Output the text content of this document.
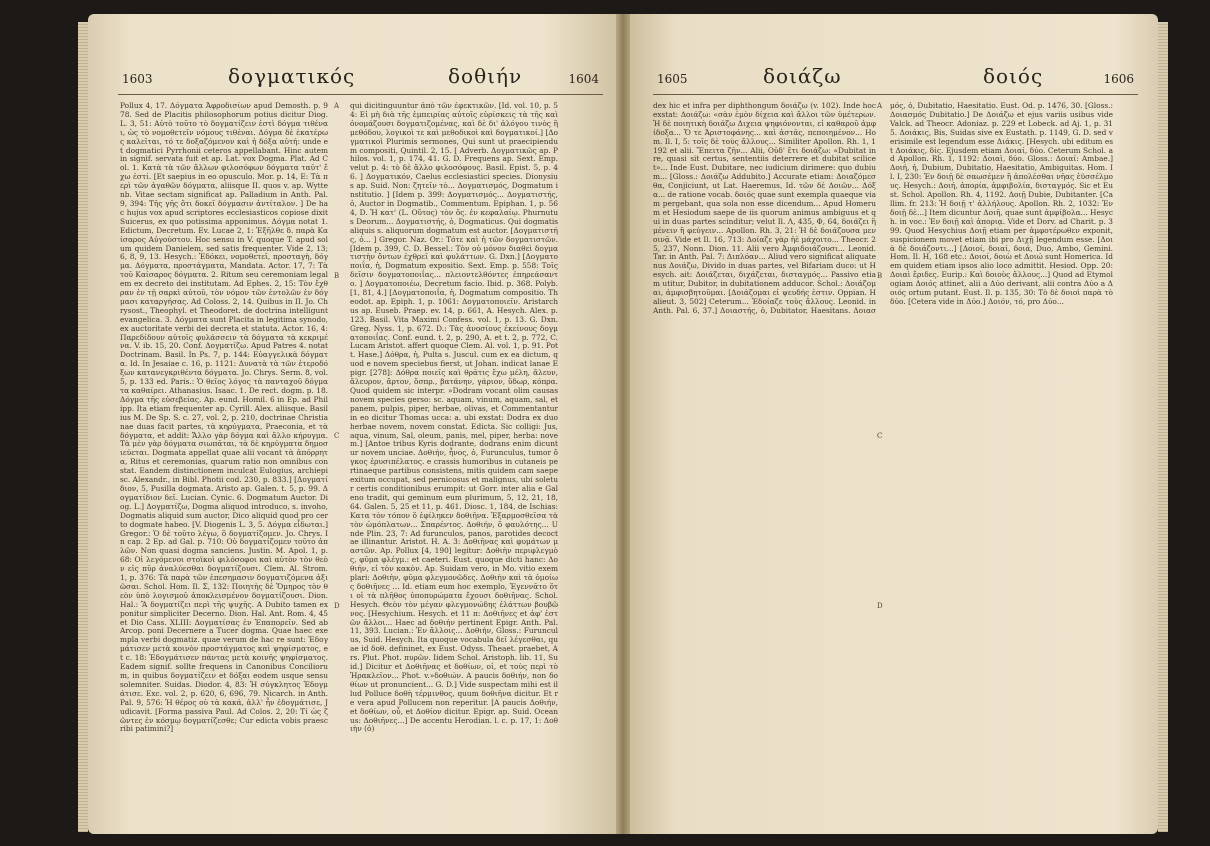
1603	δογματικός	δοθιήν	1604
Pollux 4, 17. Δόγματα Ἀφροδισίων apud Demosth. p. 978. Sed de Placitis philosophorum potius dicitur Diog. L. 3, 51: Αὐτὸ τοῦτο τὸ δογματίζειν ἐστὶ δόγμα τιθέναι, ὡς τὸ νομοθετεῖν νόμους τιθέναι. Δόγμα δὲ ἑκατέρως καλεῖται, τό τε δοξαζόμενον καὶ ἡ δόξα αὐτή: unde et dogmatici Pyrrhonii ceteros appellabant. Hinc autem in signif. servata fuit et ap. Lat. vox Dogma. Plat. Ad Col. 1. Κατὰ τὰ τῶν ἄλλων φιλοσόφων δόγματα ταῦτ' ἔχω ἐστί. [Et saepius in eo opusculo. Mor. p. 14, E: Τὰ περὶ τῶν ἀγαθῶν δόγματα, aliisque II. quos v. ap. Wyttenb. Vitae sectam significat ap. Palladium in Anth. Pal. 9, 394: Τῆς γῆς ὅτι δοκεῖ δόγμασιν ἀντίταλον. ] De hac hujus vox apud scriptores ecclesiasticos copiose dixit Suicerus, ex quo potissima apponimus. Δόγμα notat 1. Edictum, Decretum. Ev. Lucae 2, 1: Ἐξῆλθε δ. παρὰ Καίσαρος Αὐγούστου. Hoc sensu in V. quoque T. apud solum quidem Danielem, sed satis frequenter. Vide 2, 13; 6, 8, 9, 13. Hesych.: Ἐδόκει, νομοθετεῖ, προσταγὴ, δόγμα. Δόγματα, προστάγματα, Mandata. Actor. 17, 7: Τὰ τοῦ Καίσαρος δόγματα. 2. Ritum seu ceremoniam legalem ex decreto dei institutam. Ad Ephes. 2, 15: Τὸν ἔχθραν ἐν τῇ σαρκὶ αὐτοῦ, τὸν νόμον τῶν ἐντολῶν ἐν δόγμασι καταργήσας. Ad Coloss. 2, 14. Quibus in II. Jo. Chrysost., Theophyl. et Theodoret. de doctrina intelligunt evangelica. 3. Δόγματα sunt Placita in legitima synodo, ex auctoritate verbi dei decreta et statuta. Actor. 16, 4: Παρεδίδουν αὐτοῖς φυλάσσειν τὰ δόγματα τὰ κεκριμένα. V. ib. 15, 20. Conf. Δογματίζω. Apud Patres 4. notat Doctrinam. Basil. In Ps. 7, p. 144: Εὐαγγελικὰ δόγματα. Id. In Jesaiae c. 16, p. 1121: Δυνατὰ τὰ τῶν ἑτεροδόξων κατανεγκριθέντα δόγματα. Jo. Chrys. Serm. 8, vol. 5, p. 133 ed. Paris.: Ὁ θεῖος λόγος τὰ πανταχοῦ δόγματα καθαίρει. Athanasius. Isaac. 1. De rect. dogm. p. 18. Δόγμα τῆς εὐσεβείας. Ap. eund. Homil. 6 in Ep. ad Philipp. Ita etiam frequenter ap. Cyrill. Alex. aliisque. Basilius M. De Sp. S. c. 27, vol. 2, p. 210, doctrinae Christianae duas facit partes, τὰ κηρύγματα, Praeconia, et τὰ δόγματα, et addit: Ἄλλο γὰρ δόγμα καὶ ἄλλο κήρυγμα. Τὰ μὲν γὰρ δόγματα σιωπᾶται, τὰ δὲ κηρύγματα δημοσιεύεται. Dogmata appellat quae alii vocant τὰ ἀπόρρητα, Ritus et ceremonias, quarum ratio non omnibus constat. Eandem distinctionem inculcat Eulogius, archiepisc. Alexandr., in Bibl. Photii cod. 230, p. 833.] [Δογματίδιον, 5, Pusilla dogmata. Aristo ap. Galen. t. 5, p. 99. Δογματίδιον δεῖ. Lucian. Cynic. 6. Dogmatum Auctor. Diog. L.] Δογματίζω, Dogma aliquod introduco, s. invoho, Dogmatis aliquid sum auctor, Dico aliquid quod pro certo dogmate habeo. [V. Diogenis L. 3, 5. Δόγμα εἶδωται.] Gregor.: Ὁ δὲ τοῦτο λέγω, ὃ δογματίζομεν. Jo. Chrys. In cap. 2 Ep. ad Gal. p. 710: Οὐ δογματίζομεν τοῦτο ἀπλῶν. Non quasi dogma sanciens. Justin. M. Apol. 1, p. 68: Οἱ λεγόμενοι στοϊκοὶ φιλόσοφοι καὶ αὐτὸν τὸν θεὸν εἰς πῦρ ἀναλύεσθαι δογματίζουσι. Clem. Al. Strom. 1, p. 376: Τὰ παρὰ τῶν ἐπεσημασιν δογματιζόμενα ἀξιῶσαι. Schol. Hom. Il. Σ, 132: Ποιητὴς δὲ Ὅμηρος τὸν θεὸν ὑπὸ λογισμοῦ ἀποκλεισμένον δογματίζουσι. Dion. Hal.: Ἃ δογματίζει περὶ τῆς ψυχῆς. A Dubito tamen exponitur simpliciter Decerno. Dion. Hal. Ant. Rom. 4, 45 et Dio Cass. XLIII: Δογματίσας ἐν Ἐπαπορεῖν. Sed ab Arcop. poni Decernere a Tucer dogma. Quae haec exempla verbi dogmatiz. quae verum de hac re sunt: Ἐδογμάτισεν μετὰ κοινὸν προστάγματος καὶ ψηφίσματος, et c. 18: Ἐδογμάτισεν πάντας μετὰ κοινῆς ψηφίσματος. Eadem signif. sollte frequens in Canonibus Conciliorum, in quibus δογματίζειν et δόξαι eodem usque sensu solemniter. Suidas. Diodor. 4, 83: Ἡ σύγκλητος Ἐδογμάτισε. Exc. vol. 2, p. 620, 6, 696, 79. Nicarch. in Anth. Pal. 9, 576: Ἡ θέρος οὐ τὰ κακά, ἀλλ' ἦν ἐδογμάτισε, Judicavit. [Forma passiva Paul. Ad Colos. 2, 20: Τί ὡς ζῶντες ἐν κόσμῳ δογματίζεσθε; Cur edicta vobis praescribi patimini?]
A
B
C
D
qui dicitinguuntur ἀπὸ τῶν ἐφεκτικῶν. [Id. vol. 10, p. 54: Εἰ μὴ διὰ τῆς ἐμπειρίας αὐτοῖς εὑρίσκεις τὰ τῆς καὶ ὀνομάζουσι δογματιζομένας, καὶ δὲ δι' ἀλόγου τινὸς ἢ μεθόδου, λογικοὶ τε καὶ μεθοδικοὶ καὶ δογματικοί.] [Δογματικοὶ Plurimis sermones, Qui sunt ut praecipiendum compositi, Quintil. 2, 15. [ Adverb. Δογματικῶς ap. Philos. vol. 1, p. 174, 41. G. D. Frequens ap. Sext. Emp. velut p. 4: τὸ δὲ ἄλλο φιλοσόφους. Basil. Epist. 5, p. 46. ] Δογματικόν, Caelus ecclesiastici species. Dionysius ap. Suid. Non: ζητεῖν τὸ... Δογματισμός, Dogmatum institutio. ] [Idem p. 399: Δογματισμός... Δογματιστής, ὁ, Auctor in Dogmatib., Commentum. Epiphan. 1, p. 564, D. Ἡ κατ' (L. Οὔτος) τὸν ὅς. ἐν κεφαλαίῳ. Phurnutus Deorum... Δογματιστής, ὁ, Dogmaticus. Qui dogmatis aliquis s. aliquorum dogmatum est auctor. [Δογματιστής, ὁ... ] Gregor. Naz. Or.: Τότε καὶ ἡ τῶν δογματιστῶν. [Idem p. 399, C. D. Bessel.: Τὸν οὐ μόνον διαθεὶ δογματιστὴν ὄντων ἐχθρεῖ καὶ φυλάττων. G. Dxn.] [Δογματοποιΐα, ἡ, Dogmatum expositio. Sext. Emp. p. 558: Τοῖς δεῖσιν δογματοποιΐας... πλειοντελθόντες ἐπηρεάσαντο. ] Δογματοποιέω, Decretum facio. Ibid. p. 368. Polyb. [1, 81, 4.] [Δογματοποιΐα, ἡ, Dogmatum compositio. Theodot. ap. Epiph. 1, p. 1061: Δογματοποιεῖν. Aristarchus ap. Euseb. Praep. ev. 14, p. 661, A. Hesych. Alex. p. 123. Basil. Vita Maximi Confess. vol. 1, p. 13. G. Dxn. Greg. Nyss. 1, p. 672. D.: Τὰς ἀνοσίους ἐκείνους δογματοποιΐας. Conf. eund. t. 2, p. 290, A. et t. 2, p. 772, C. Lucam Aristot. affert quoque Clem. Al. vol. 1, p. 91. Pott. Hase.] Δόθρα, ἡ, Pulta s. Juscul. cum ex ea dictum, quod e novem speciebus fierst, ut Johan. indicat lanae Epigr. [278]: Δόθρα ποιεῖς καὶ θρᾶτις ἔχω μέλη, ἄλευν, ἄλευρον, ἄρτον, ὄσπρ., βατάνην, γάριον, ὕδωρ, κόπρα. Quod quidem sic interpr. »Dodram vocant olim causas novem species gerso: sc. aquam, vinum, aquam, sal, et panem, pulpis, piper, herbae, olivas, et Commentantur in eo dicitur Thomas ucca: a. ubi exstat: Dodra ex duo herbae novem, novem constat. Edicta. Sic colligi: Jus, aqua, vinum, Sal, oleum, panis, mel, piper, herba: novem.] [Antoe tribus Kyris dodrante, dodrans enim dicuntur novem unciae. Δοθιήν, ἦνος, ὁ, Furunculus, tumor ὄγκος ἐρυσιπέλατος. e crassis humoribus in cutaneis pertinaeque partibus consistens, mitis quidem cam saepe exitum occupat, sed pernicosus et malignus, ubi soletur certis conditionibus erumpit: ut Gorr. inter alia e Galeno tradit, qui geminum eum plurimum, 5, 12, 21, 18, 64. Galen. 5, 25 et 11, p. 461. Diosc. 1, 184, de Ischias: Κατα τὸν τόπον ὅ ἐφίληκεν δοθιῆνα. Ἐξαρμοσθεῖσα τὰ τὸν ὡμόπλατων... Σπαρέντος. Δοθιήν, ὅ φαυλότης... Unde Plin. 23, 7: Ad furunculos, panos, parotides decoctae illinantur. Aristot. H. A. 3: Δοθιῆνας καὶ φυμάτων μαστῶν. Ap. Pollux [4, 190] legitur: Δοθιὴν περιφλεγμὸς, φῦμα φλέγμ.: et caeteri. Eust. quoque dicti hanc: Δοθιήν, εἰ τὸν κακὸν. Ap. Suidam vero, in Mo. vitio exemplari: Δοθιὴν, φῦμα φλεγμονῶδες. Δοθιὴν καὶ τὰ ὁμοίως δοθιῆνες ... Id. etiam eum hoc exemplo, Ἐγεννᾶτο ὅτι οἱ τὰ πλῆθος ὑποπυρώματα ἔχουσι δοθιῆνας. Schol. Hesych. Θεὸν τὸν μέγαν φλεγμονώδης ἐλάττων βουβῶνος. [Hesychium. Hesych. et 11 π: Δοθιῆνες et ἀφ' ἑστῶν ἄλλοι... Haec ad δοθιήν pertinent Epigr. Anth. Pal. 11, 393. Lucian.: Ἐν ἄλλοις... Δοθιήν, Gloss.: Furunculus, Suid. Hesych. Ita quoque vocabula δεῖ λέγεσθαι, quae id δοθ. defininet, ex Eust. Odyss. Theaet. praebet, Ars. Plut. Phot. πυρῶν. Iidem Schol. Aristoph. lib. 11, Suid.] Dicitur et Δοθιῆνας et δοθίων, οἱ, et τοὺς περὶ τὸ Ἡρακλεῖον... Phot. v.»δοθιών. A paucis δοθιήν, non δοθίων ut pronuncient... G. D.] Vide suspectam mihi est illud Polluce δοθὴ τέρμινθος, quum δοθιῆνα dicitur. Et re vera apud Pollucem non reperitur. [A paucis Δοθιήν, et δοθίων, οὖ, et Δοθίον dicitur. Epigr. ap. Suid. Oceanus: Δοθιῆνες...] De accentu Herodian. l. c. p. 17, 1: Δοθιὴν (ὁ)
1605	δοιάζω	δοιός	1606
dex hic et infra per diphthongum δοιάζω (v. 102). Inde hoc exstat: Δοιάζω: «σὰν ἐμὸν δίχεια καὶ ἄλλοι τῶν ὑμέτερων. Ἡ δὲ ποιητικὴ δοιάζω Διχεια ψηφιόνονται, εἰ καθαροῦ ἀμφίδοξα... Ὅ τε Ἀριστοφάνης... καὶ ἀστᾶς, πεποιημένον... Hom. Il. I, 5: τοῖς δὲ τοὺς ἄλλους... Similiter Apollon. Rh. 1, 1192 et alii. Ἔπειτα ζῆν... Alii, Οὐδ' ἔτι δοιάζω: «Dubitat in re, quasi sit certus, sententiis deterrere et dubitat scilicet»... Inde Eust. Dubitare, nec iudicium dirimere: quo dubium... [Gloss.: Δοιάζω Addubito.] Accurate etiam: Δοιαζόμεσθα, Conjiciunt, ut Lat. Haeremus, Id. τῶν δὲ Δοιῶν... Δόξα... de ratione vocab. δοιός quae sunt exempla quaeque viam pergebant, qua sola non esse dicendum... Apud Homerum et Hesiodum saepe de iis quorum animus ambiguus et qui in duas partes scinditur; velut Il. Λ, 435, Φ, 64, δοιάζει ἢ μένειν ἢ φεύγειν... Apollon. Rh. 3, 21: Ἡ δὲ δοιάζουσα μενοινᾷ. Vide et Il. 16, 713: Δοίαζε γὰρ ἠὲ μάχοιτο... Theocr. 25, 237, Nonn. Dion. 11. Alii vero Ἀμφιδοιάζουσι... Leonid. Tar. in Anth. Pal. 7: Διπλόαν... Aliud vero significat aliquatenus Δοιάζω, Divido in duas partes, vel Bifariam duco: ut Hesych. ait: Δοιάζεται, διχάζεται, δισταγμός... Passivo etiam utitur, Dubitor, in dubitationem adducor. Schol.: Δοιάζομαι, ἀμφισβητοῦμαι. [Δοιάζομαι εἰ ψευδής ἐστιν. Oppian. Halieut. 3, 502] Ceterum... Ἐδοίαζε τοὺς ἄλλους. Leonid. in Anth. Pal. 6, 37.] Δοιαστής, ὁ, Dubitator, Haesitans. Δοιασμός, ὁ, Dubitatio, Haesitatio. Eust. Od. p. 1476, 30. [Gloss.: Δοιασμός Dubitatio.] De Δοιάζω et ejus variis usibus vide Valck. ad Theocr. Adoniaz. p. 229 et Lobeck. ad Aj. 1, p. 315. Δοιάκις, Bis, Suidas sive ex Eustath. p. 1149, G. D. sed verisimile est legendum esse Διάκις. [Hesych. ubi editum est Δοιάκις, δίς. Ejusdem etiam Δοιαί, δύο. Ceterum Schol. ad Apollon. Rh. 1, 1192: Δοιαὶ, δύο. Gloss.: Δοιαί: Ambae.] Δοιή, ἡ, Dubium, Dubitatio, Haesitatio, Ambiguitas. Hom. Il. Ι, 230: Ἐν δοιῇ δὲ σαωσέμεν ἢ ἀπολέσθαι νῆας ἐϋσσέλμους. Hesych.: Δοιή, ἀπορία, ἀμφιβολία, δισταγμός. Sic et Eust. Schol. Apollon. Rh. 4, 1192. Δοιῇ Dubie, Dubitanter. [Callim. fr. 213: Ἡ δοιῇ τ' ἀλλήλους. Apollon. Rh. 2, 1032: Ἐν δοιῇ δὲ...] Item dicuntur Δοιῆ, quae sunt ἀμφίβολα... Hesych. in voc.: Ἐν δοιῇ καὶ ἀποριᾳ. Vide et Dorv. ad Charit. p. 399. Quod Hesychius Δοιῇ etiam per ἀμφοτέρωθεν exponit, suspicionem movet etiam ibi pro Διχῇ legendum esse. [Δοιὰ δὲ δοιάζοντι...] [Δοιοί, δοιαί, δοιά, Duo, Ambo, Gemini. Hom. Il. Η, 168 etc.: Δοιοί, δοιὼ et Δοιώ sunt Homerica. Idem quidem etiam ipsos alio loco admittit. Hesiod. Opp. 20: Δοιαὶ ἔριδες. Eurip.: Καὶ δοιοὺς ἄλλους...] Quod ad Etymologiam Δοιός attinet, alii a Δύο derivant, alii contra Δύο a Δοιός ortum putant. Eust. Il. p. 135, 30: Τὸ δὲ δοιοὶ παρὰ τὸ δύο. [Cetera vide in Δύο.] Δοιόν, τό, pro Δύο...
A
B
C
D
